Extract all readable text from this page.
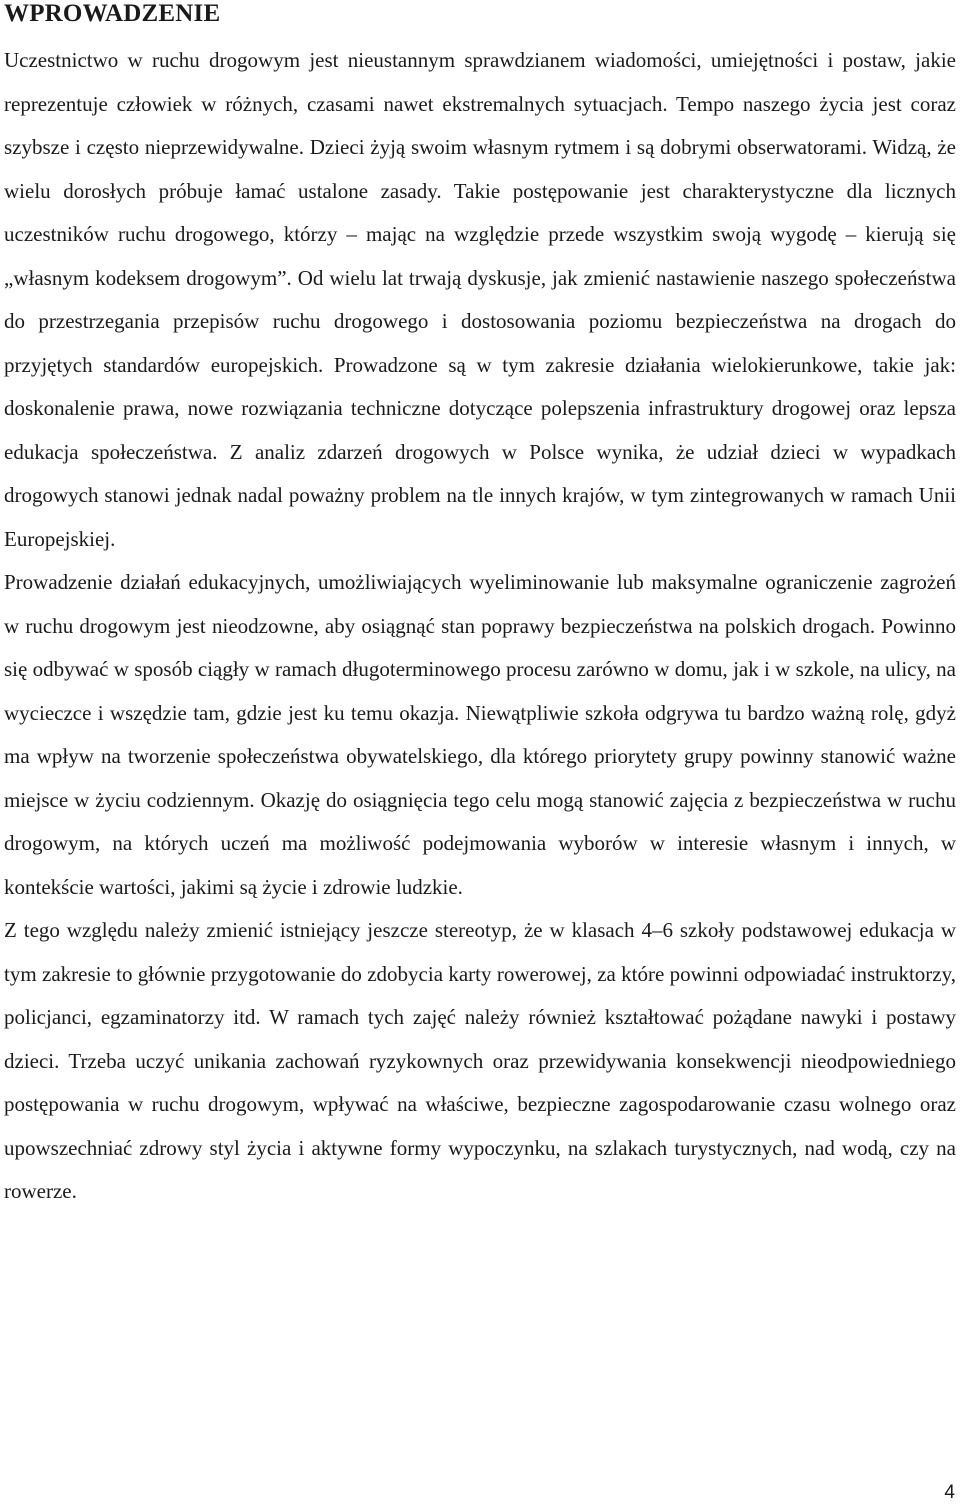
WPROWADZENIE

Uczestnictwo w ruchu drogowym jest nieustannym sprawdzianem wiadomości, umiejętności i postaw, jakie reprezentuje człowiek w różnych, czasami nawet ekstremalnych sytuacjach. Tempo naszego życia jest coraz szybsze i często nieprzewidywalne. Dzieci żyją swoim własnym rytmem i są dobrymi obserwatorami. Widzą, że wielu dorosłych próbuje łamać ustalone zasady. Takie postępowanie jest charakterystyczne dla licznych uczestników ruchu drogowego, którzy – mając na względzie przede wszystkim swoją wygodę – kierują się „własnym kodeksem drogowym”. Od wielu lat trwają dyskusje, jak zmienić nastawienie naszego społeczeństwa do przestrzegania przepisów ruchu drogowego i dostosowania poziomu bezpieczeństwa na drogach do przyjętych standardów europejskich. Prowadzone są w tym zakresie działania wielokierunkowe, takie jak: doskonalenie prawa, nowe rozwiązania techniczne dotyczące polepszenia infrastruktury drogowej oraz lepsza edukacja społeczeństwa. Z analiz zdarzeń drogowych w Polsce wynika, że udział dzieci w wypadkach drogowych stanowi jednak nadal poważny problem na tle innych krajów, w tym zintegrowanych w ramach Unii Europejskiej.

Prowadzenie działań edukacyjnych, umożliwiających wyeliminowanie lub maksymalne ograniczenie zagrożeń w ruchu drogowym jest nieodzowne, aby osiągnąć stan poprawy bezpieczeństwa na polskich drogach. Powinno się odbywać w sposób ciągły w ramach długoterminowego procesu zarówno w domu, jak i w szkole, na ulicy, na wycieczce i wszędzie tam, gdzie jest ku temu okazja. Niewątpliwie szkoła odgrywa tu bardzo ważną rolę, gdyż ma wpływ na tworzenie społeczeństwa obywatelskiego, dla którego priorytety grupy powinny stanowić ważne miejsce w życiu codziennym. Okazję do osiągnięcia tego celu mogą stanowić zajęcia z bezpieczeństwa w ruchu drogowym, na których uczeń ma możliwość podejmowania wyborów w interesie własnym i innych, w kontekście wartości, jakimi są życie i zdrowie ludzkie.

Z tego względu należy zmienić istniejący jeszcze stereotyp, że w klasach 4–6 szkoły podstawowej edukacja w tym zakresie to głównie przygotowanie do zdobycia karty rowerowej, za które powinni odpowiadać instruktorzy, policjanci, egzaminatorzy itd. W ramach tych zajęć należy również kształtować pożądane nawyki i postawy dzieci. Trzeba uczyć unikania zachowań ryzykownych oraz przewidywania konsekwencji nieodpowiedniego postępowania w ruchu drogowym, wpływać na właściwe, bezpieczne zagospodarowanie czasu wolnego oraz upowszechniać zdrowy styl życia i aktywne formy wypoczynku, na szlakach turystycznych, nad wodą, czy na rowerze.

4
